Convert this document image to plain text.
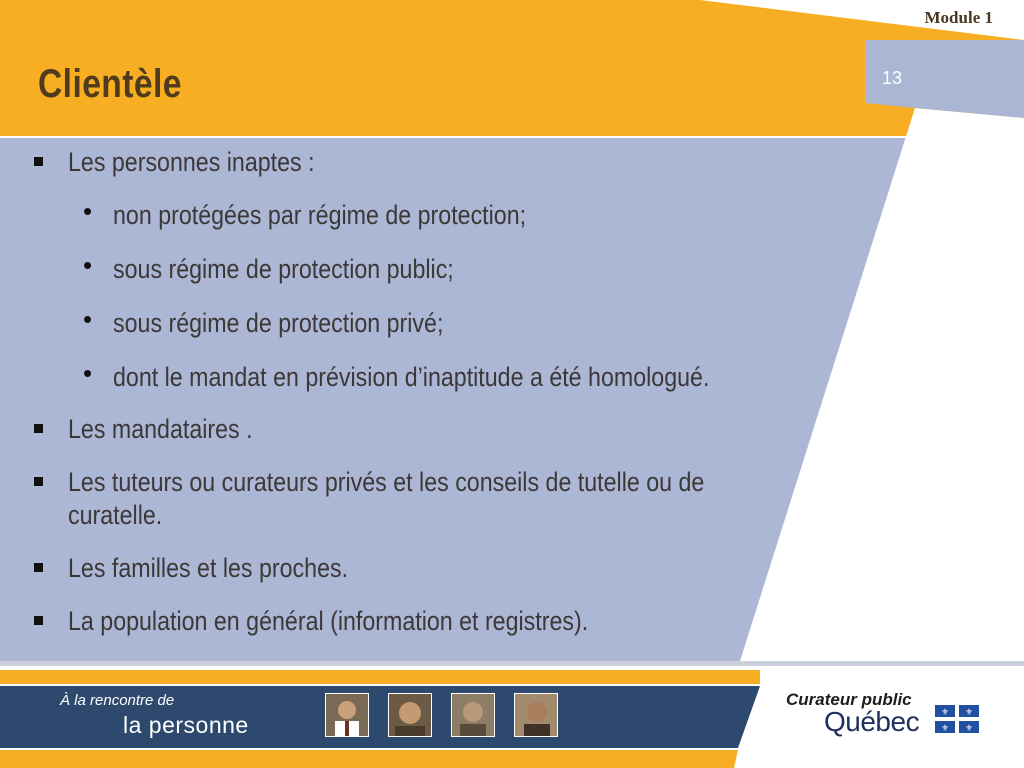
Clientèle
Module 1
13
Les personnes inaptes :
• non protégées par régime de protection;
• sous régime de protection public;
• sous régime de protection privé;
• dont le mandat en prévision d’inaptitude a été homologué.
Les mandataires .
Les tuteurs ou curateurs privés et les conseils de tutelle ou de
curatelle.
Les familles et les proches.
La population en général (information et registres).
À la rencontre de
la personne
Curateur public
Québec ⚜ ⚜
⚜ ⚜
